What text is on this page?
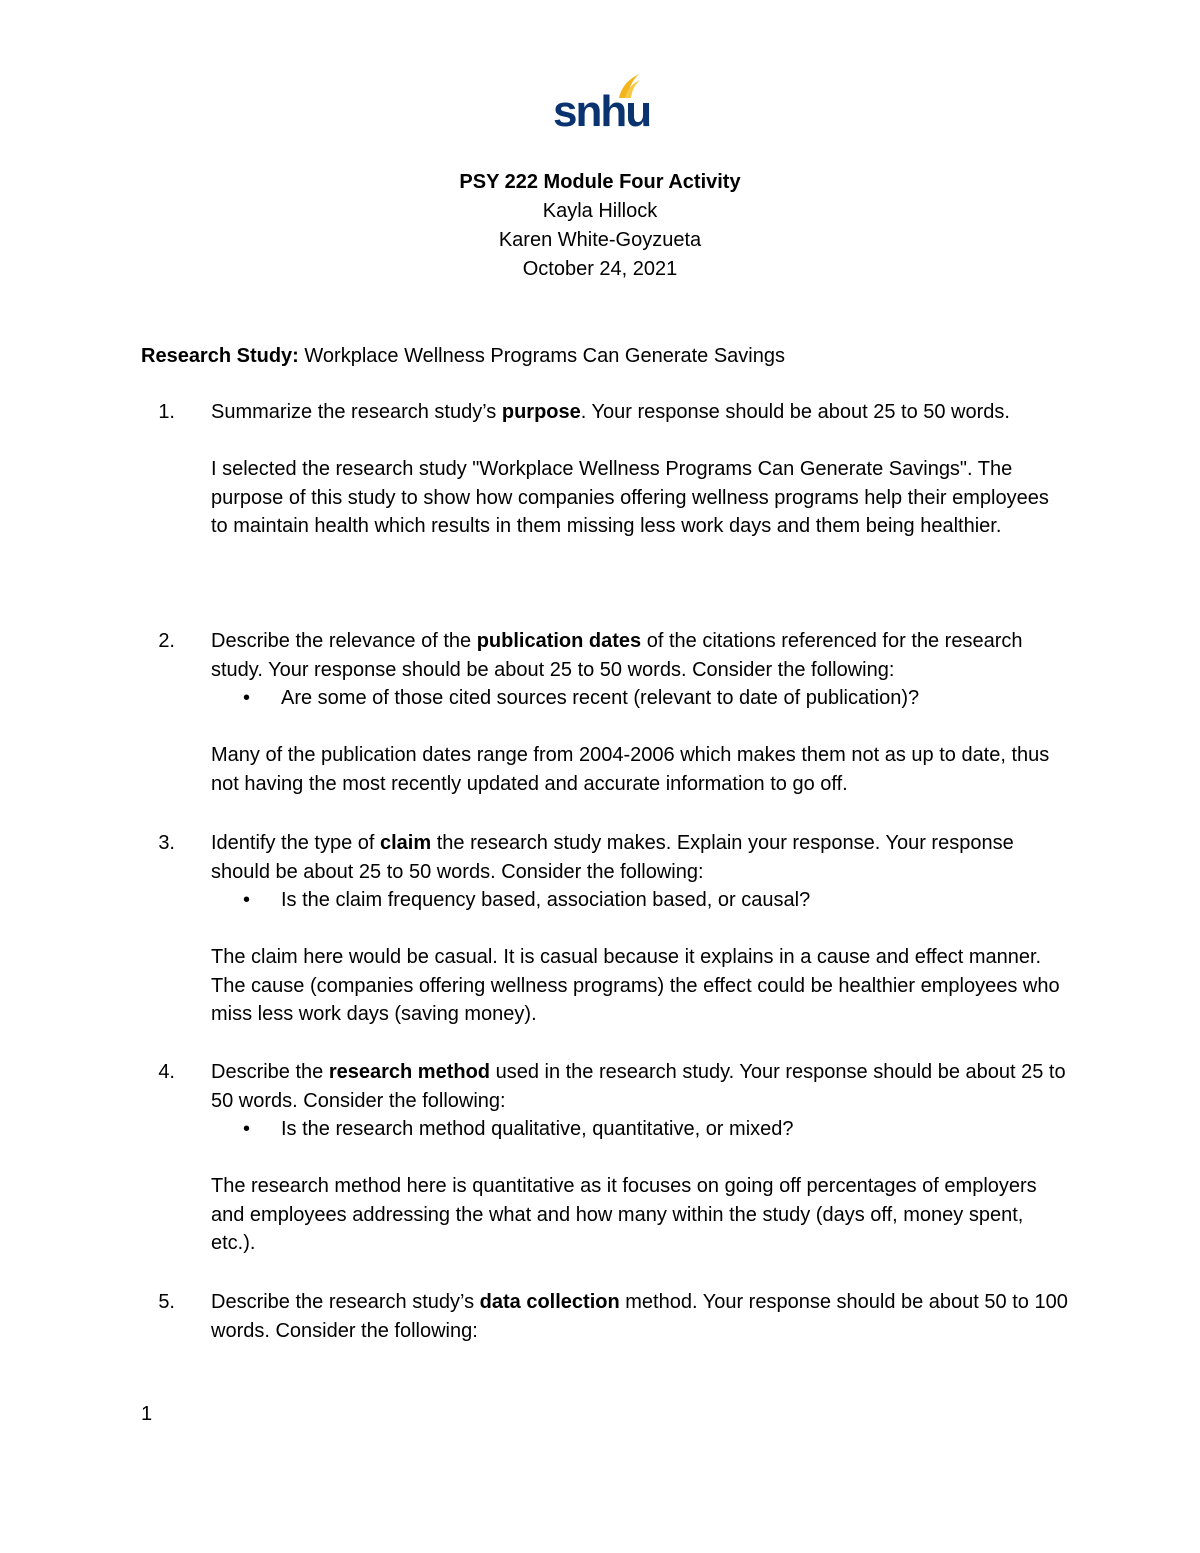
snhu
PSY 222 Module Four Activity
Kayla Hillock
Karen White-Goyzueta
October 24, 2021
Research Study: Workplace Wellness Programs Can Generate Savings
1. Summarize the research study’s purpose. Your response should be about 25 to 50 words.
I selected the research study "Workplace Wellness Programs Can Generate Savings". The purpose of this study to show how companies offering wellness programs help their employees to maintain health which results in them missing less work days and them being healthier.
2. Describe the relevance of the publication dates of the citations referenced for the research study. Your response should be about 25 to 50 words. Consider the following:
• Are some of those cited sources recent (relevant to date of publication)?
Many of the publication dates range from 2004-2006 which makes them not as up to date, thus not having the most recently updated and accurate information to go off.
3. Identify the type of claim the research study makes. Explain your response. Your response should be about 25 to 50 words. Consider the following:
• Is the claim frequency based, association based, or causal?
The claim here would be casual. It is casual because it explains in a cause and effect manner. The cause (companies offering wellness programs) the effect could be healthier employees who miss less work days (saving money).
4. Describe the research method used in the research study. Your response should be about 25 to 50 words. Consider the following:
• Is the research method qualitative, quantitative, or mixed?
The research method here is quantitative as it focuses on going off percentages of employers and employees addressing the what and how many within the study (days off, money spent, etc.).
5. Describe the research study’s data collection method. Your response should be about 50 to 100 words. Consider the following:
1
